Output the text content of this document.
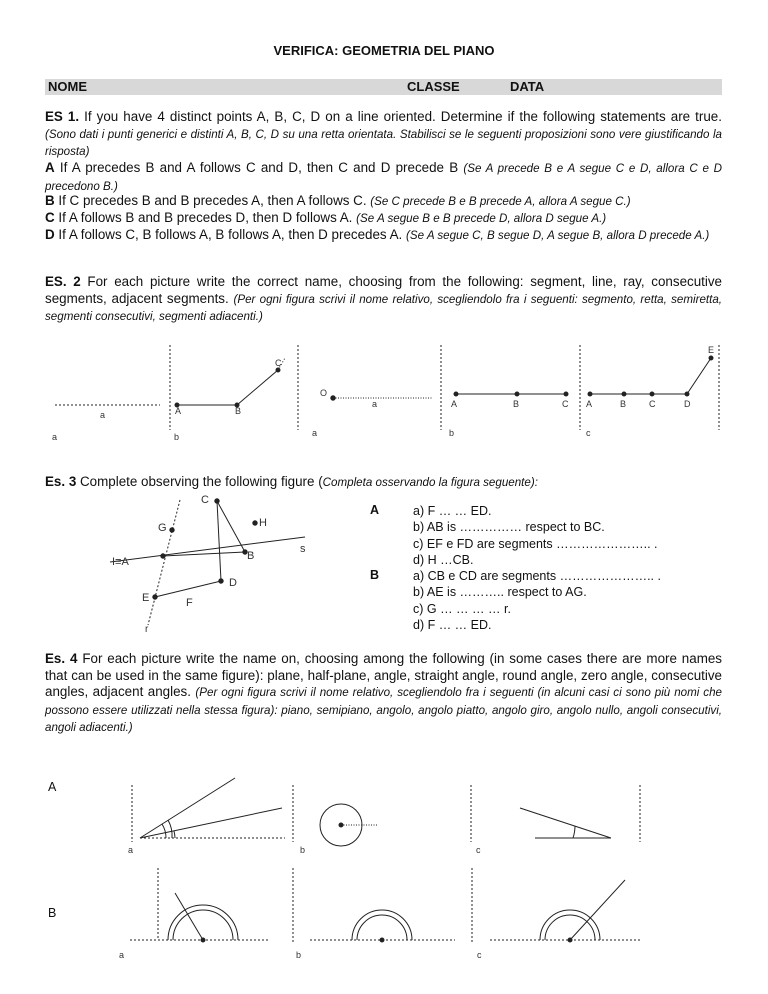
VERIFICA: GEOMETRIA DEL PIANO
NOME	CLASSE	DATA
ES 1. If you have 4 distinct points A, B, C, D on a line oriented. Determine if the following statements are true. (Sono dati i punti generici e distinti A, B, C, D su una retta orientata. Stabilisci se le seguenti proposizioni sono vere giustificando la risposta)
A If A precedes B and A follows C and D, then C and D precede B (Se A precede B e A segue C e D, allora C e D precedono B.)
B If C precedes B and B precedes A, then A follows C. (Se C precede B e B precede A, allora A segue C.)
C If A follows B and B precedes D, then D follows A. (Se A segue B e B precede D, allora D segue A.)
D If A follows C, B follows A, B follows A, then D precedes A. (Se A segue C, B segue D, A segue B, allora D precede A.)
ES. 2 For each picture write the correct name, choosing from the following: segment, line, ray, consecutive segments, adjacent segments. (Per ogni figura scrivi il nome relativo, scegliendolo fra i seguenti: segmento, retta, semiretta, segmenti consecutivi, segmenti adiacenti.)
a
a	b
A	B
C
O
a
a
A	B	C
b
A	B	C	D
E
c
Es. 3 Complete observing the following figure (Completa osservando la figura seguente):
C
H
G
B
s
I≡A
D
E	F
r
A
B
a) F … … ED.
b) AB is …………… respect to BC.
c) EF e FD are segments ………………….. .
d) H …CB.
a) CB e CD are segments ………………….. .
b) AE is ……….. respect to AG.
c) G … … … … r.
d) F … … ED.
Es. 4 For each picture write the name on, choosing among the following (in some cases there are more names that can be used in the same figure): plane, half-plane, angle, straight angle, round angle, zero angle, consecutive angles, adjacent angles. (Per ogni figura scrivi il nome relativo, scegliendolo fra i seguenti (in alcuni casi ci sono più nomi che possono essere utilizzati nella stessa figura): piano, semipiano, angolo, angolo piatto, angolo giro, angolo nullo, angoli consecutivi, angoli adiacenti.)
A
B
a	b	c
a	b	c
